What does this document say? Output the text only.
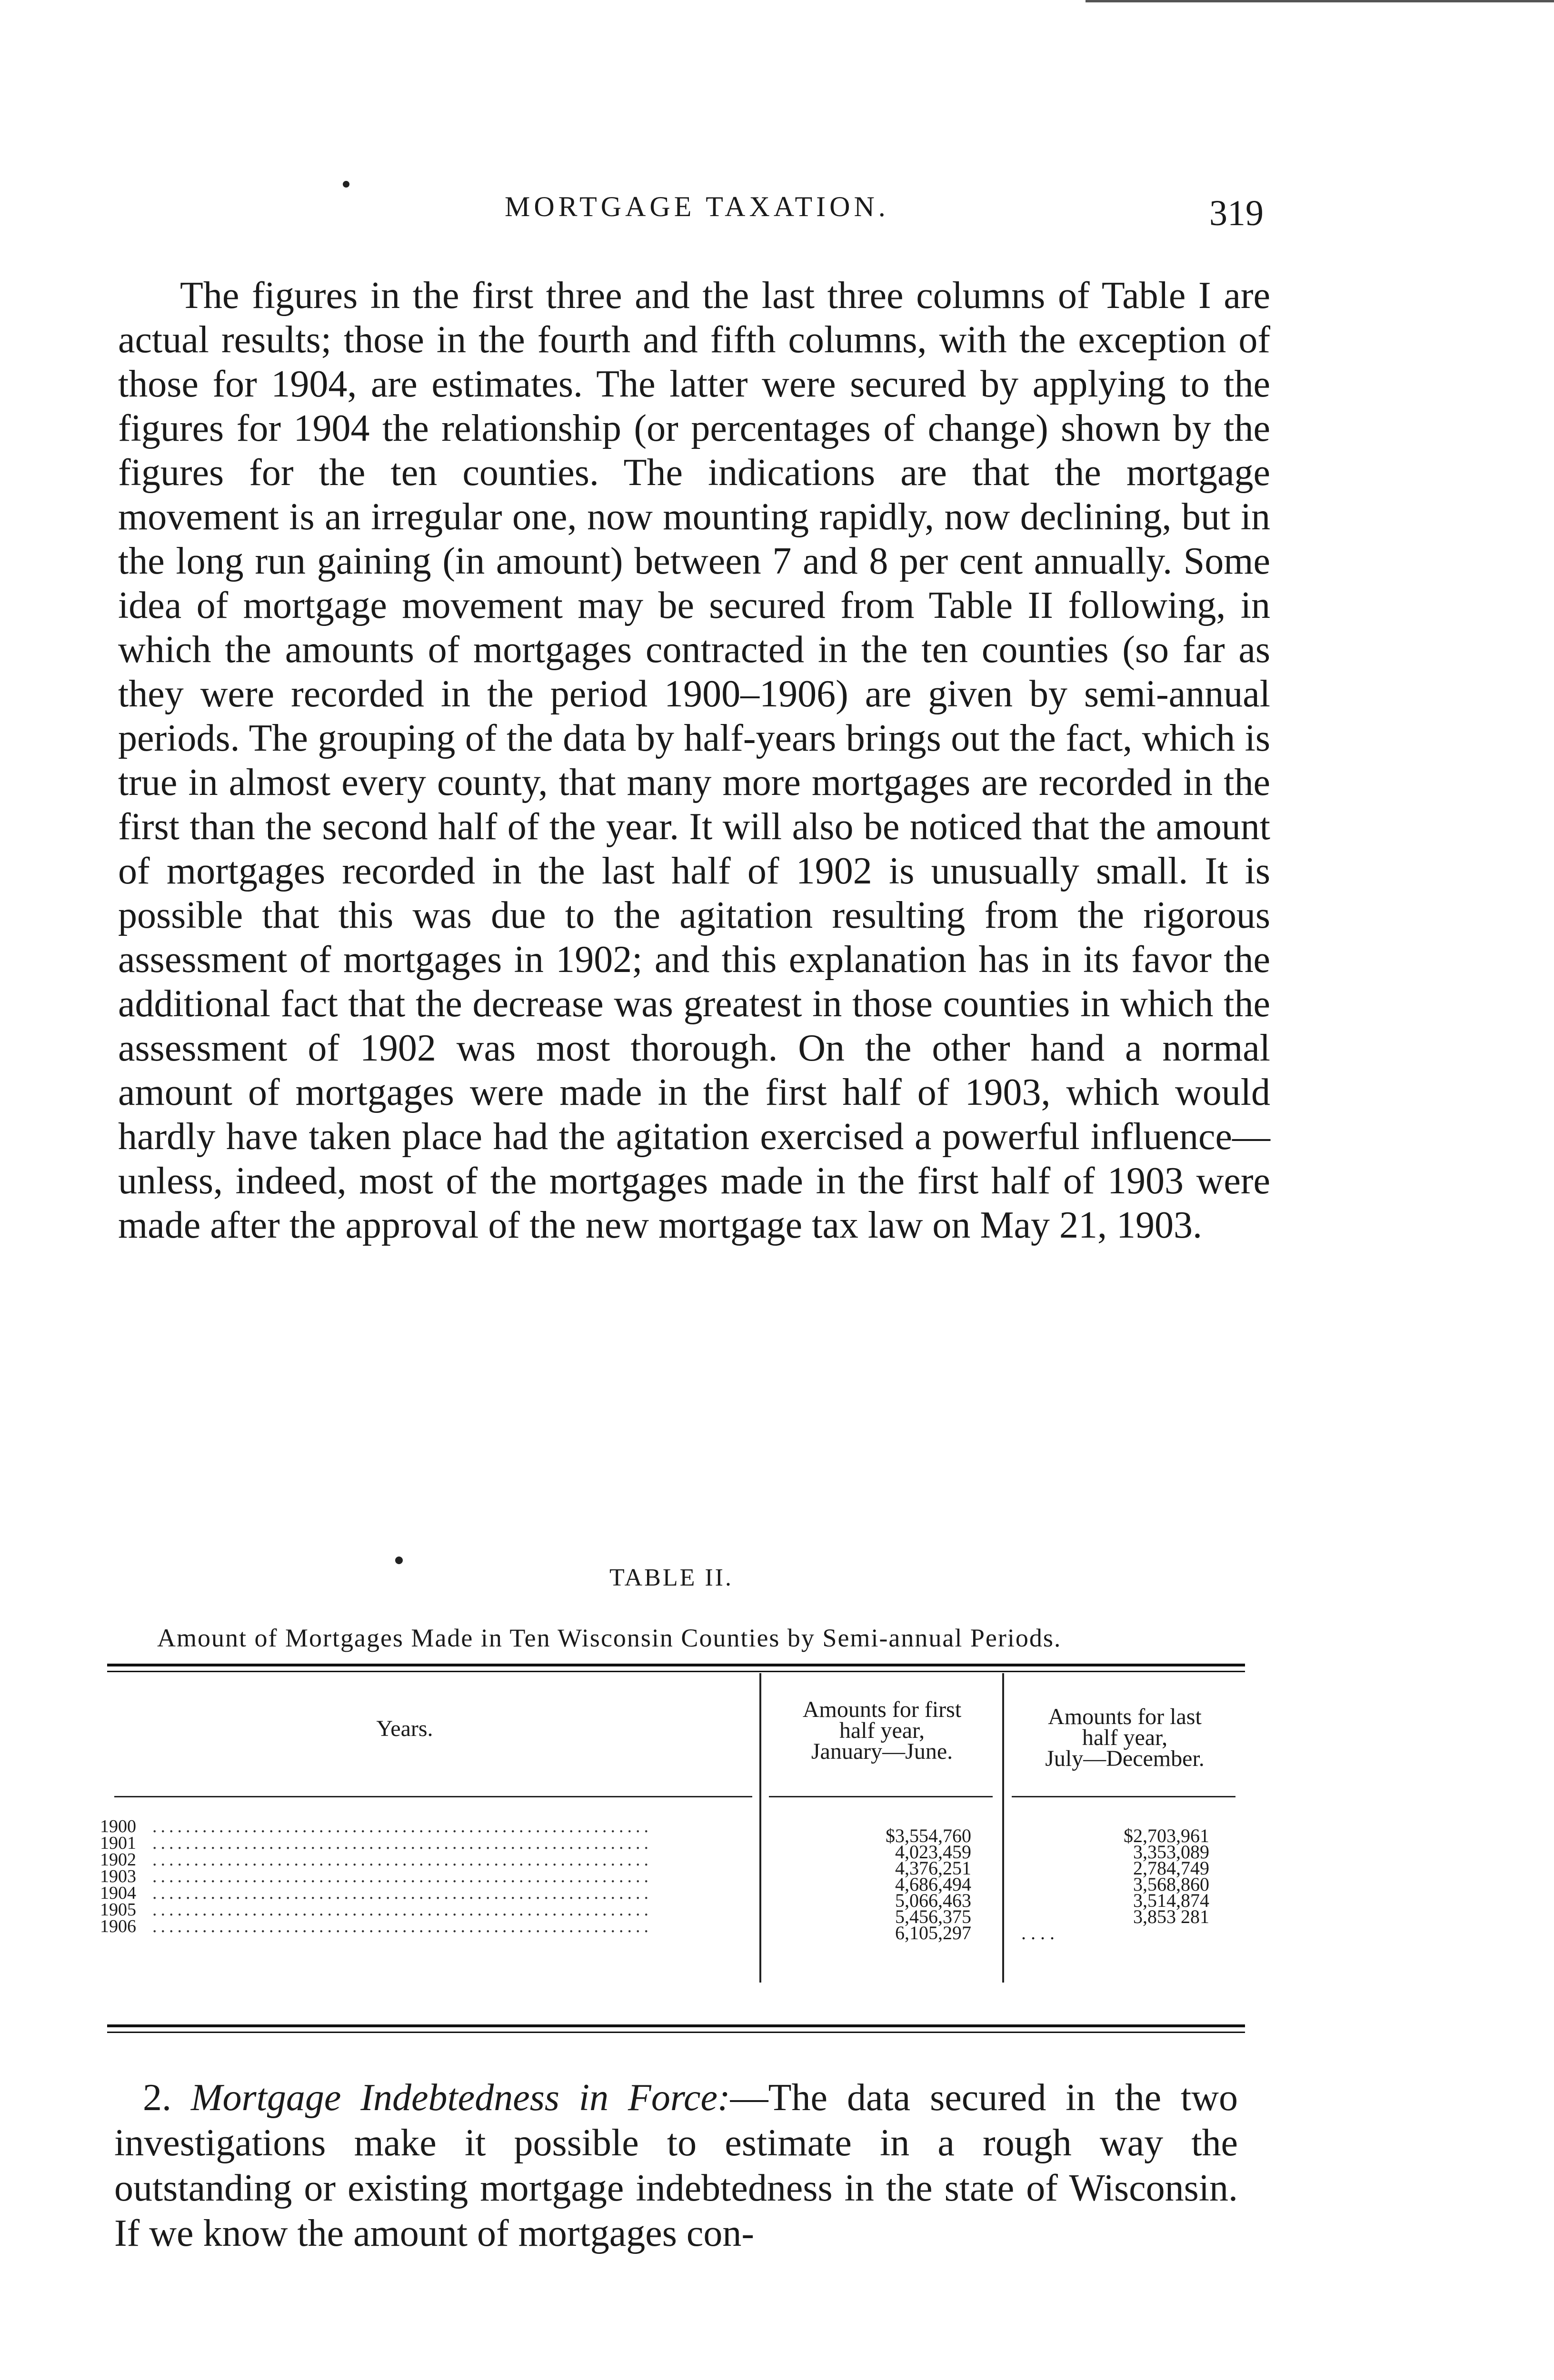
MORTGAGE TAXATION.	319

The figures in the first three and the last three columns of Table I are actual results; those in the fourth and fifth columns, with the exception of those for 1904, are estimates. The latter were secured by applying to the figures for 1904 the relationship (or percentages of change) shown by the figures for the ten counties. The indications are that the mortgage movement is an irregular one, now mounting rapidly, now declining, but in the long run gaining (in amount) between 7 and 8 per cent annually. Some idea of mortgage movement may be secured from Table II following, in which the amounts of mortgages contracted in the ten counties (so far as they were recorded in the period 1900–1906) are given by semi-annual periods. The grouping of the data by half-years brings out the fact, which is true in almost every county, that many more mortgages are recorded in the first than the second half of the year. It will also be noticed that the amount of mortgages recorded in the last half of 1902 is unusually small. It is possible that this was due to the agitation resulting from the rigorous assessment of mortgages in 1902; and this explanation has in its favor the additional fact that the decrease was greatest in those counties in which the assessment of 1902 was most thorough. On the other hand a normal amount of mortgages were made in the first half of 1903, which would hardly have taken place had the agitation exercised a powerful influence—unless, indeed, most of the mortgages made in the first half of 1903 were made after the approval of the new mortgage tax law on May 21, 1903.

TABLE II.
Amount of Mortgages Made in Ten Wisconsin Counties by Semi-annual Periods.
Years.
Amounts for first
half year,
January—June.
Amounts for last
half year,
July—December.
1900 ............................................................
1901 ............................................................
1902 ............................................................
1903 ............................................................
1904 ............................................................
1905 ............................................................
1906 ............................................................
$3,554,760
4,023,459
4,376,251
4,686,494
5,066,463
5,456,375
6,105,297
$2,703,961
3,353,089
2,784,749
3,568,860
3,514,874
3,853 281
....

2. Mortgage Indebtedness in Force:—The data secured in the two investigations make it possible to estimate in a rough way the outstanding or existing mortgage indebtedness in the state of Wisconsin. If we know the amount of mortgages con-
